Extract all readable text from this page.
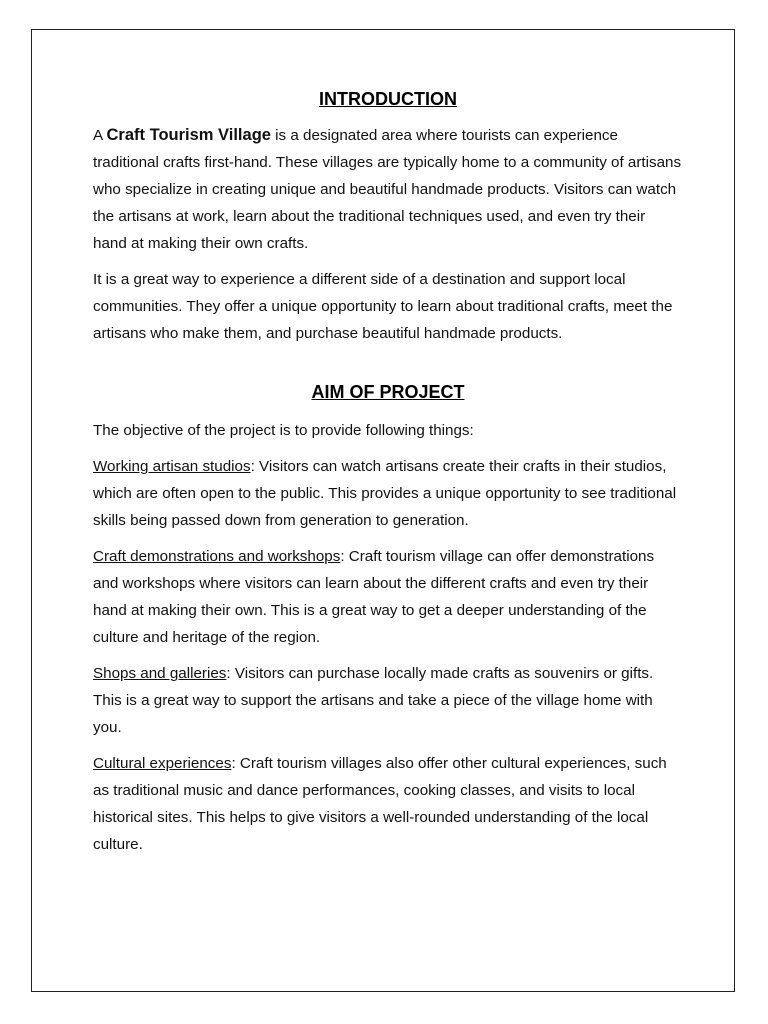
INTRODUCTION

A Craft Tourism Village is a designated area where tourists can experience traditional crafts first-hand. These villages are typically home to a community of artisans who specialize in creating unique and beautiful handmade products. Visitors can watch the artisans at work, learn about the traditional techniques used, and even try their hand at making their own crafts.

It is a great way to experience a different side of a destination and support local communities. They offer a unique opportunity to learn about traditional crafts, meet the artisans who make them, and purchase beautiful handmade products.

AIM OF PROJECT

The objective of the project is to provide following things:

Working artisan studios: Visitors can watch artisans create their crafts in their studios, which are often open to the public. This provides a unique opportunity to see traditional skills being passed down from generation to generation.

Craft demonstrations and workshops: Craft tourism village can offer demonstrations and workshops where visitors can learn about the different crafts and even try their hand at making their own. This is a great way to get a deeper understanding of the culture and heritage of the region.

Shops and galleries: Visitors can purchase locally made crafts as souvenirs or gifts. This is a great way to support the artisans and take a piece of the village home with you.

Cultural experiences: Craft tourism villages also offer other cultural experiences, such as traditional music and dance performances, cooking classes, and visits to local historical sites. This helps to give visitors a well-rounded understanding of the local culture.
